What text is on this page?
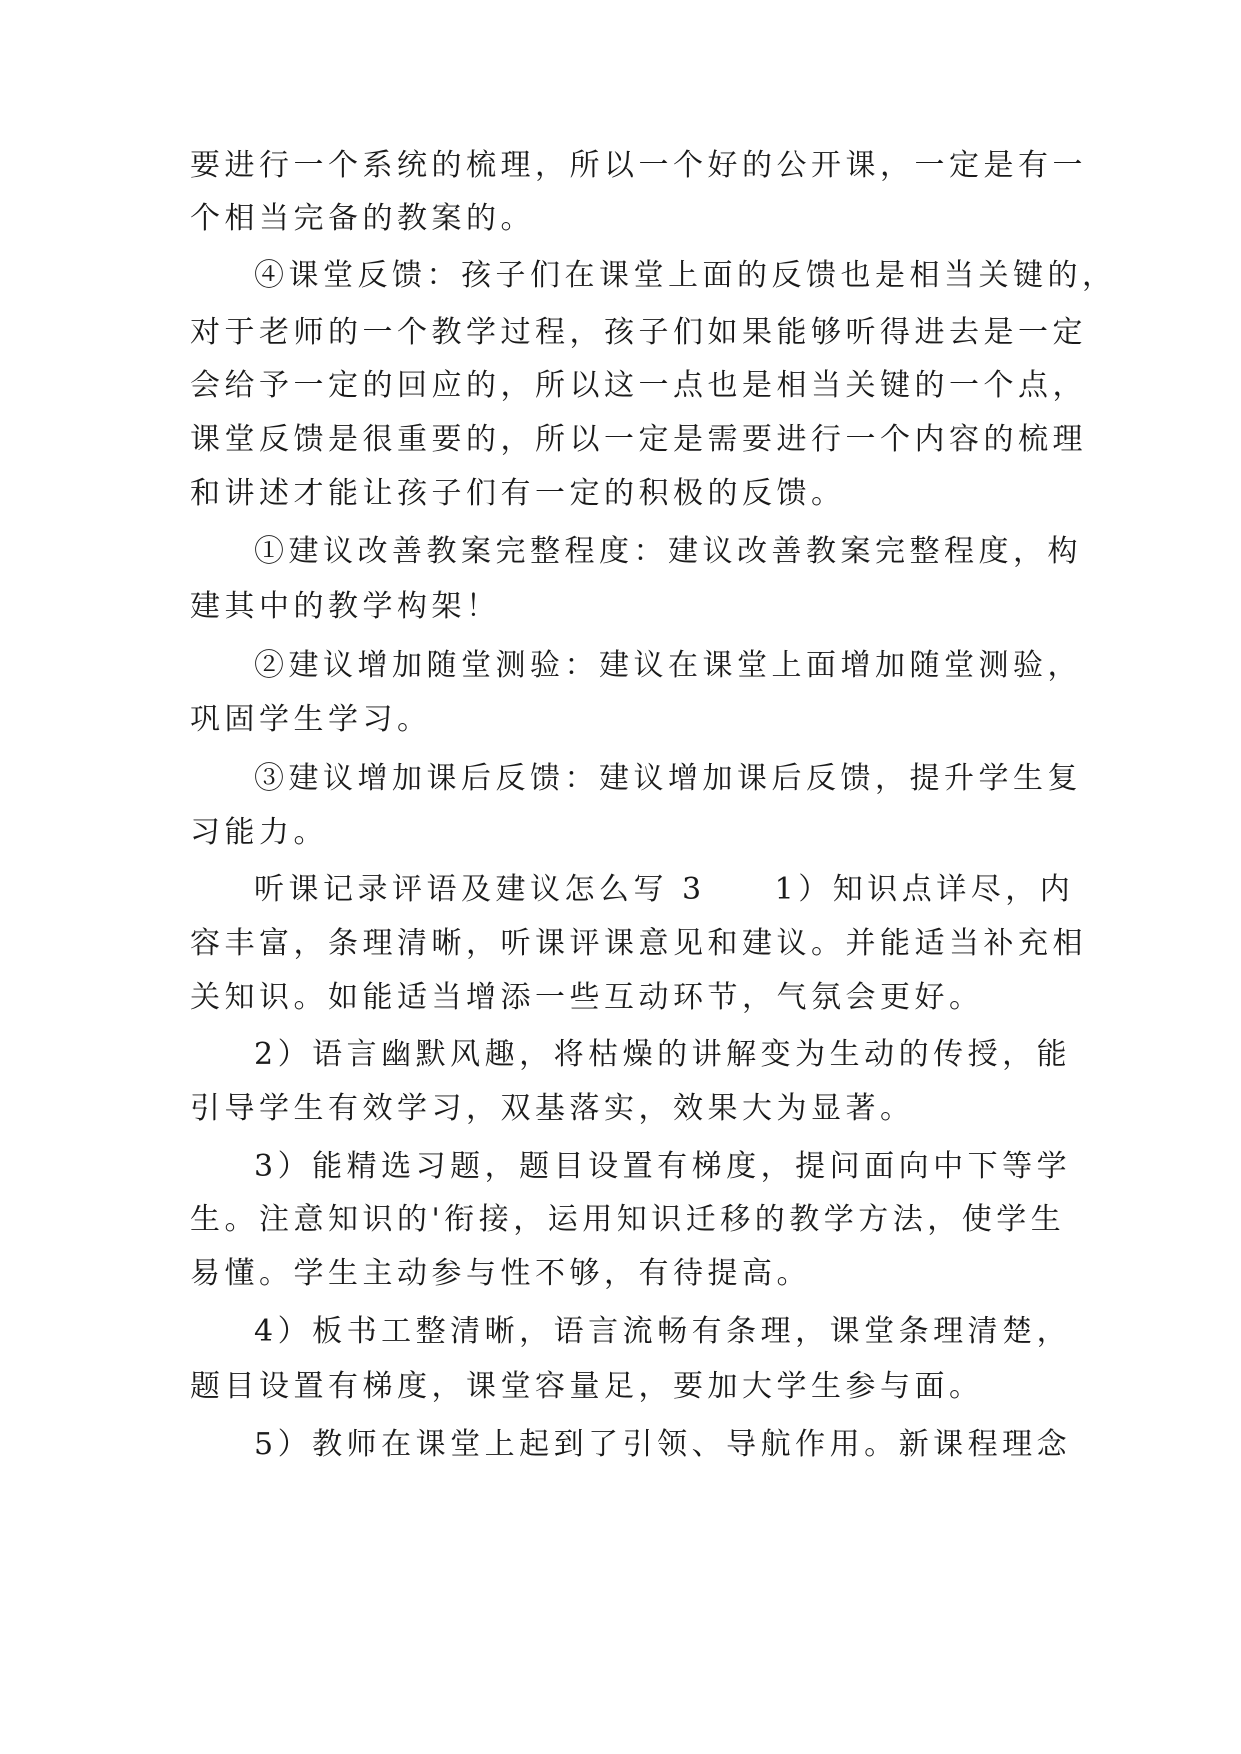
要进行一个系统的梳理，所以一个好的公开课，一定是有一
个相当完备的教案的。
④课堂反馈：孩子们在课堂上面的反馈也是相当关键的，
对于老师的一个教学过程，孩子们如果能够听得进去是一定
会给予一定的回应的，所以这一点也是相当关键的一个点，
课堂反馈是很重要的，所以一定是需要进行一个内容的梳理
和讲述才能让孩子们有一定的积极的反馈。
①建议改善教案完整程度：建议改善教案完整程度，构
建其中的教学构架！
②建议增加随堂测验：建议在课堂上面增加随堂测验，
巩固学生学习。
③建议增加课后反馈：建议增加课后反馈，提升学生复
习能力。
听课记录评语及建议怎么写 3　　1）知识点详尽，内
容丰富，条理清晰，听课评课意见和建议。并能适当补充相
关知识。如能适当增添一些互动环节，气氛会更好。
2）语言幽默风趣，将枯燥的讲解变为生动的传授，能
引导学生有效学习，双基落实，效果大为显著。
3）能精选习题，题目设置有梯度，提问面向中下等学
生。注意知识的'衔接，运用知识迁移的教学方法，使学生
易懂。学生主动参与性不够，有待提高。
4）板书工整清晰，语言流畅有条理，课堂条理清楚，
题目设置有梯度，课堂容量足，要加大学生参与面。
5）教师在课堂上起到了引领、导航作用。新课程理念
